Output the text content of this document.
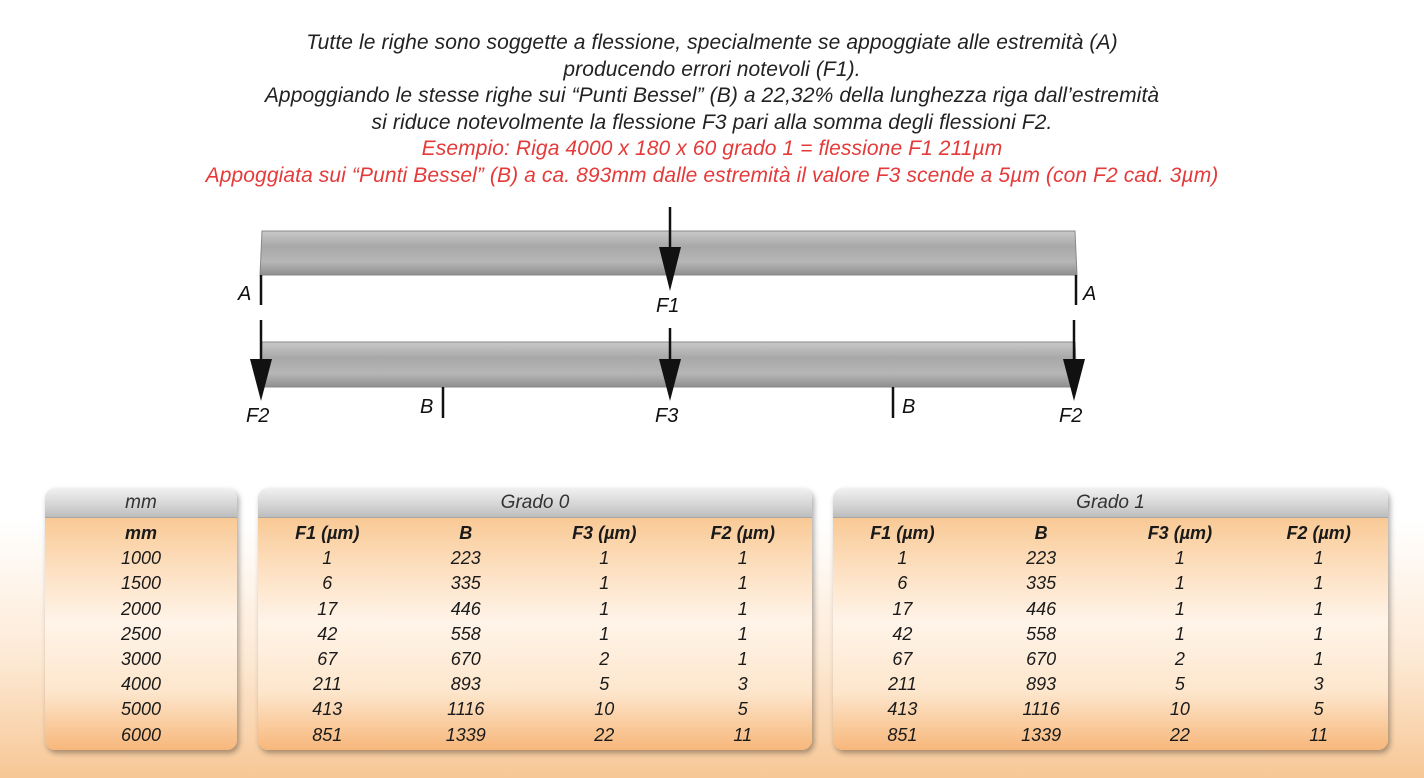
Tutte le righe sono soggette a flessione, specialmente se appoggiate alle estremità (A)
producendo errori notevoli (F1).
Appoggiando le stesse righe sui “Punti Bessel” (B) a 22,32% della lunghezza riga dall’estremità
si riduce notevolmente la flessione F3 pari alla somma degli flessioni F2.
Esempio: Riga 4000 x 180 x 60 grado 1 = flessione F1 211µm
Appoggiata sui “Punti Bessel” (B) a ca. 893mm dalle estremità il valore F3 scende a 5µm (con F2 cad. 3µm)
A	A
F1
F2	B	F3	B	F2
mm
mm
1000
1500
2000
2500
3000
4000
5000
6000
Grado 0
F1 (µm)	B	F3 (µm)	F2 (µm)
1	223	1	1
6	335	1	1
17	446	1	1
42	558	1	1
67	670	2	1
211	893	5	3
413	1116	10	5
851	1339	22	11
Grado 1
F1 (µm)	B	F3 (µm)	F2 (µm)
1	223	1	1
6	335	1	1
17	446	1	1
42	558	1	1
67	670	2	1
211	893	5	3
413	1116	10	5
851	1339	22	11
